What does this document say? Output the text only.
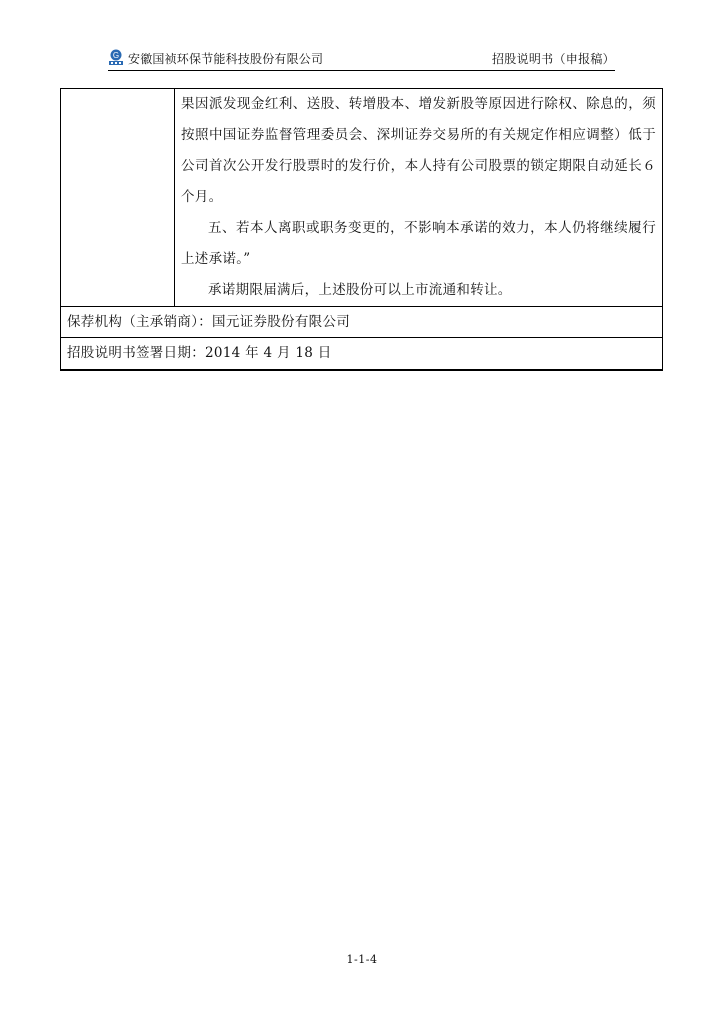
G 安徽国祯环保节能科技股份有限公司	招股说明书（申报稿）

果因派发现金红利、送股、转增股本、增发新股等原因进行除权、除息的，须按照中国证券监督管理委员会、深圳证券交易所的有关规定作相应调整）低于公司首次公开发行股票时的发行价，本人持有公司股票的锁定期限自动延长６个月。

五、若本人离职或职务变更的，不影响本承诺的效力，本人仍将继续履行上述承诺。”

承诺期限届满后，上述股份可以上市流通和转让。

保荐机构（主承销商）：国元证券股份有限公司
招股说明书签署日期：2014 年 4 月 18 日
1-1-4
